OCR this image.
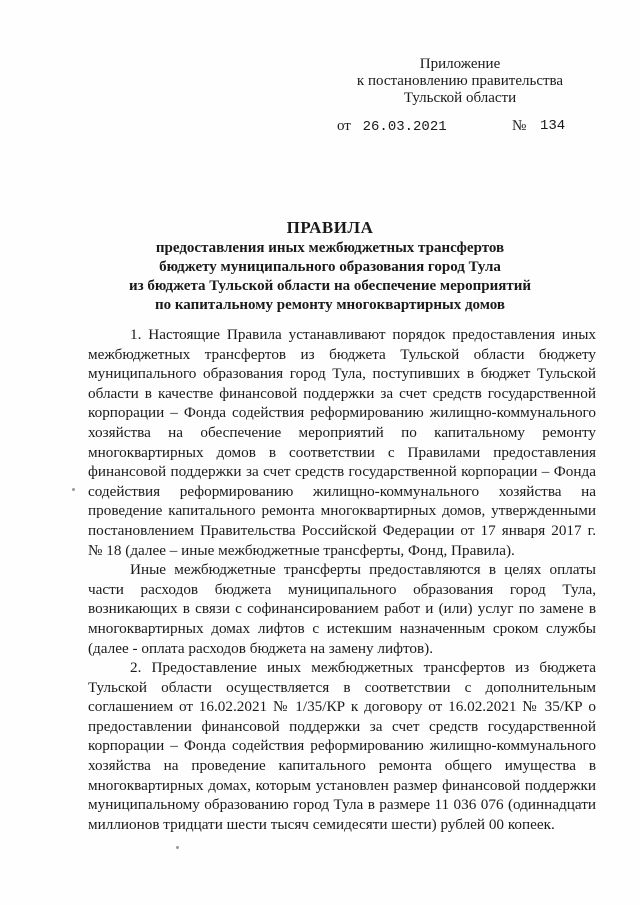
Приложение
к постановлению правительства
Тульской области
от 26.03.2021	№ 134
ПРАВИЛА
предоставления иных межбюджетных трансфертов
бюджету муниципального образования город Тула
из бюджета Тульской области на обеспечение мероприятий
по капитальному ремонту многоквартирных домов

1. Настоящие Правила устанавливают порядок предоставления иных межбюджетных трансфертов из бюджета Тульской области бюджету муниципального образования город Тула, поступивших в бюджет Тульской области в качестве финансовой поддержки за счет средств государственной корпорации – Фонда содействия реформированию жилищно-коммунального хозяйства на обеспечение мероприятий по капитальному ремонту многоквартирных домов в соответствии с Правилами предоставления финансовой поддержки за счет средств государственной корпорации – Фонда содействия реформированию жилищно-коммунального хозяйства на проведение капитального ремонта многоквартирных домов, утвержденными постановлением Правительства Российской Федерации от 17 января 2017 г. № 18 (далее – иные межбюджетные трансферты, Фонд, Правила).

Иные межбюджетные трансферты предоставляются в целях оплаты части расходов бюджета муниципального образования город Тула, возникающих в связи с софинансированием работ и (или) услуг по замене в многоквартирных домах лифтов с истекшим назначенным сроком службы (далее - оплата расходов бюджета на замену лифтов).

2. Предоставление иных межбюджетных трансфертов из бюджета Тульской области осуществляется в соответствии с дополнительным соглашением от 16.02.2021 № 1/35/КР к договору от 16.02.2021 № 35/КР о предоставлении финансовой поддержки за счет средств государственной корпорации – Фонда содействия реформированию жилищно-коммунального хозяйства на проведение капитального ремонта общего имущества в многоквартирных домах, которым установлен размер финансовой поддержки муниципальному образованию город Тула в размере 11 036 076 (одиннадцати миллионов тридцати шести тысяч семидесяти шести) рублей 00 копеек.
